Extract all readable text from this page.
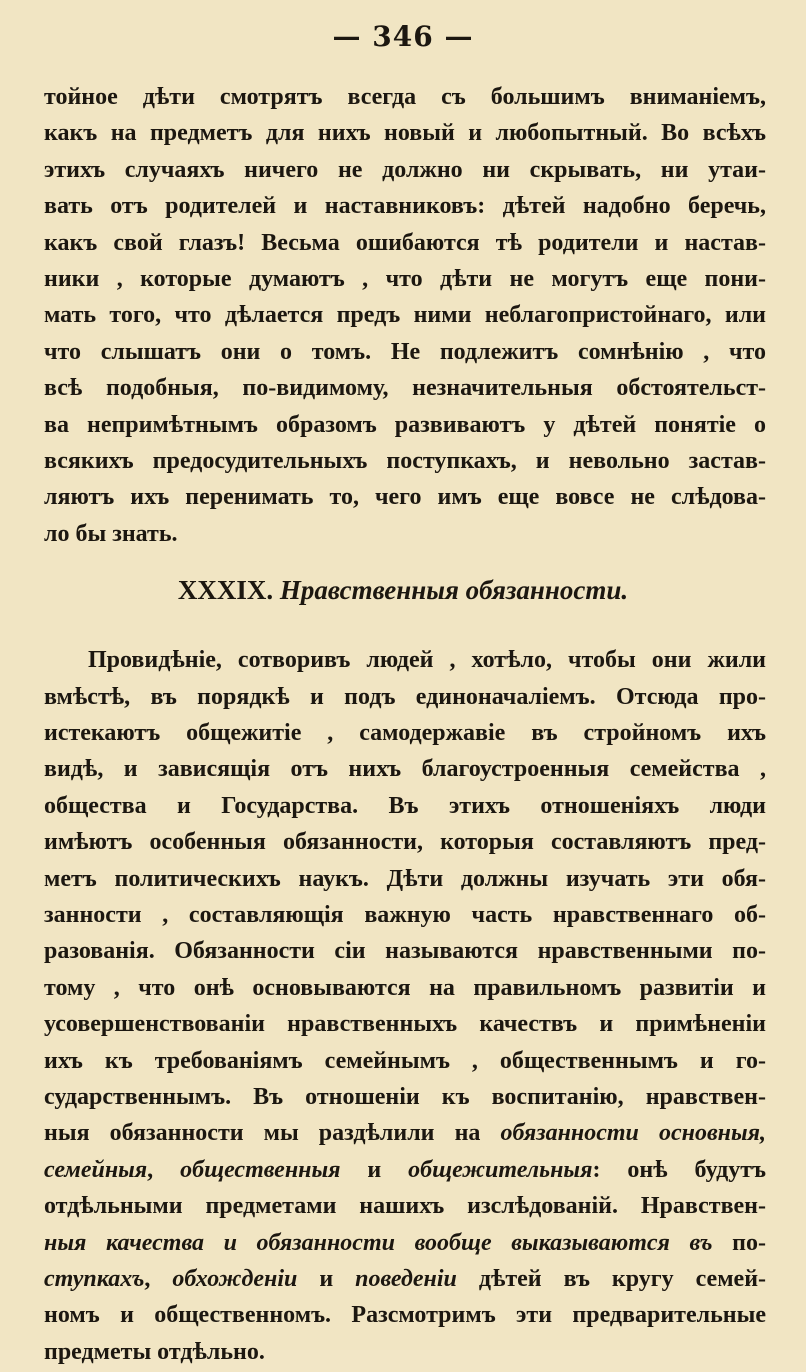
— 346 —
тойное дѣти смотрятъ всегда съ большимъ вниманіемъ,
какъ на предметъ для нихъ новый и любопытный. Во всѣхъ
этихъ случаяхъ ничего не должно ни скрывать, ни утаи-
вать отъ родителей и наставниковъ: дѣтей надобно беречь,
какъ свой глазъ! Весьма ошибаются тѣ родители и настав-
ники , которые думаютъ , что дѣти не могутъ еще пони-
мать того, что дѣлается предъ ними неблагопристойнаго, или
что слышатъ они о томъ. Не подлежитъ сомнѣнію , что
всѣ подобныя, по-видимому, незначительныя обстоятельст-
ва непримѣтнымъ образомъ развиваютъ у дѣтей понятіе о
всякихъ предосудительныхъ поступкахъ, и невольно застав-
ляютъ ихъ перенимать то, чего имъ еще вовсе не слѣдова-
ло бы знать.
XXXIX. Нравственныя обязанности.
Провидѣніе, сотворивъ людей , хотѣло, чтобы они жили
вмѣстѣ, въ порядкѣ и подъ единоначаліемъ. Отсюда про-
истекаютъ общежитіе , самодержавіе въ стройномъ ихъ
видѣ, и зависящія отъ нихъ благоустроенныя семейства ,
общества и Государства. Въ этихъ отношеніяхъ люди
имѣютъ особенныя обязанности, которыя составляютъ пред-
метъ политическихъ наукъ. Дѣти должны изучать эти обя-
занности , составляющія важную часть нравственнаго об-
разованія. Обязанности сіи называются нравственными по-
тому , что онѣ основываются на правильномъ развитіи и
усовершенствованіи нравственныхъ качествъ и примѣненіи
ихъ къ требованіямъ семейнымъ , общественнымъ и го-
сударственнымъ. Въ отношеніи къ воспитанію, нравствен-
ныя обязанности мы раздѣлили на обязанности основныя,
семейныя, общественныя и общежительныя: онѣ будутъ
отдѣльными предметами нашихъ изслѣдованій. Нравствен-
ныя качества и обязанности вообще выказываются въ по-
ступкахъ, обхожденіи и поведеніи дѣтей въ кругу семей-
номъ и общественномъ. Разсмотримъ эти предварительные
предметы отдѣльно.
